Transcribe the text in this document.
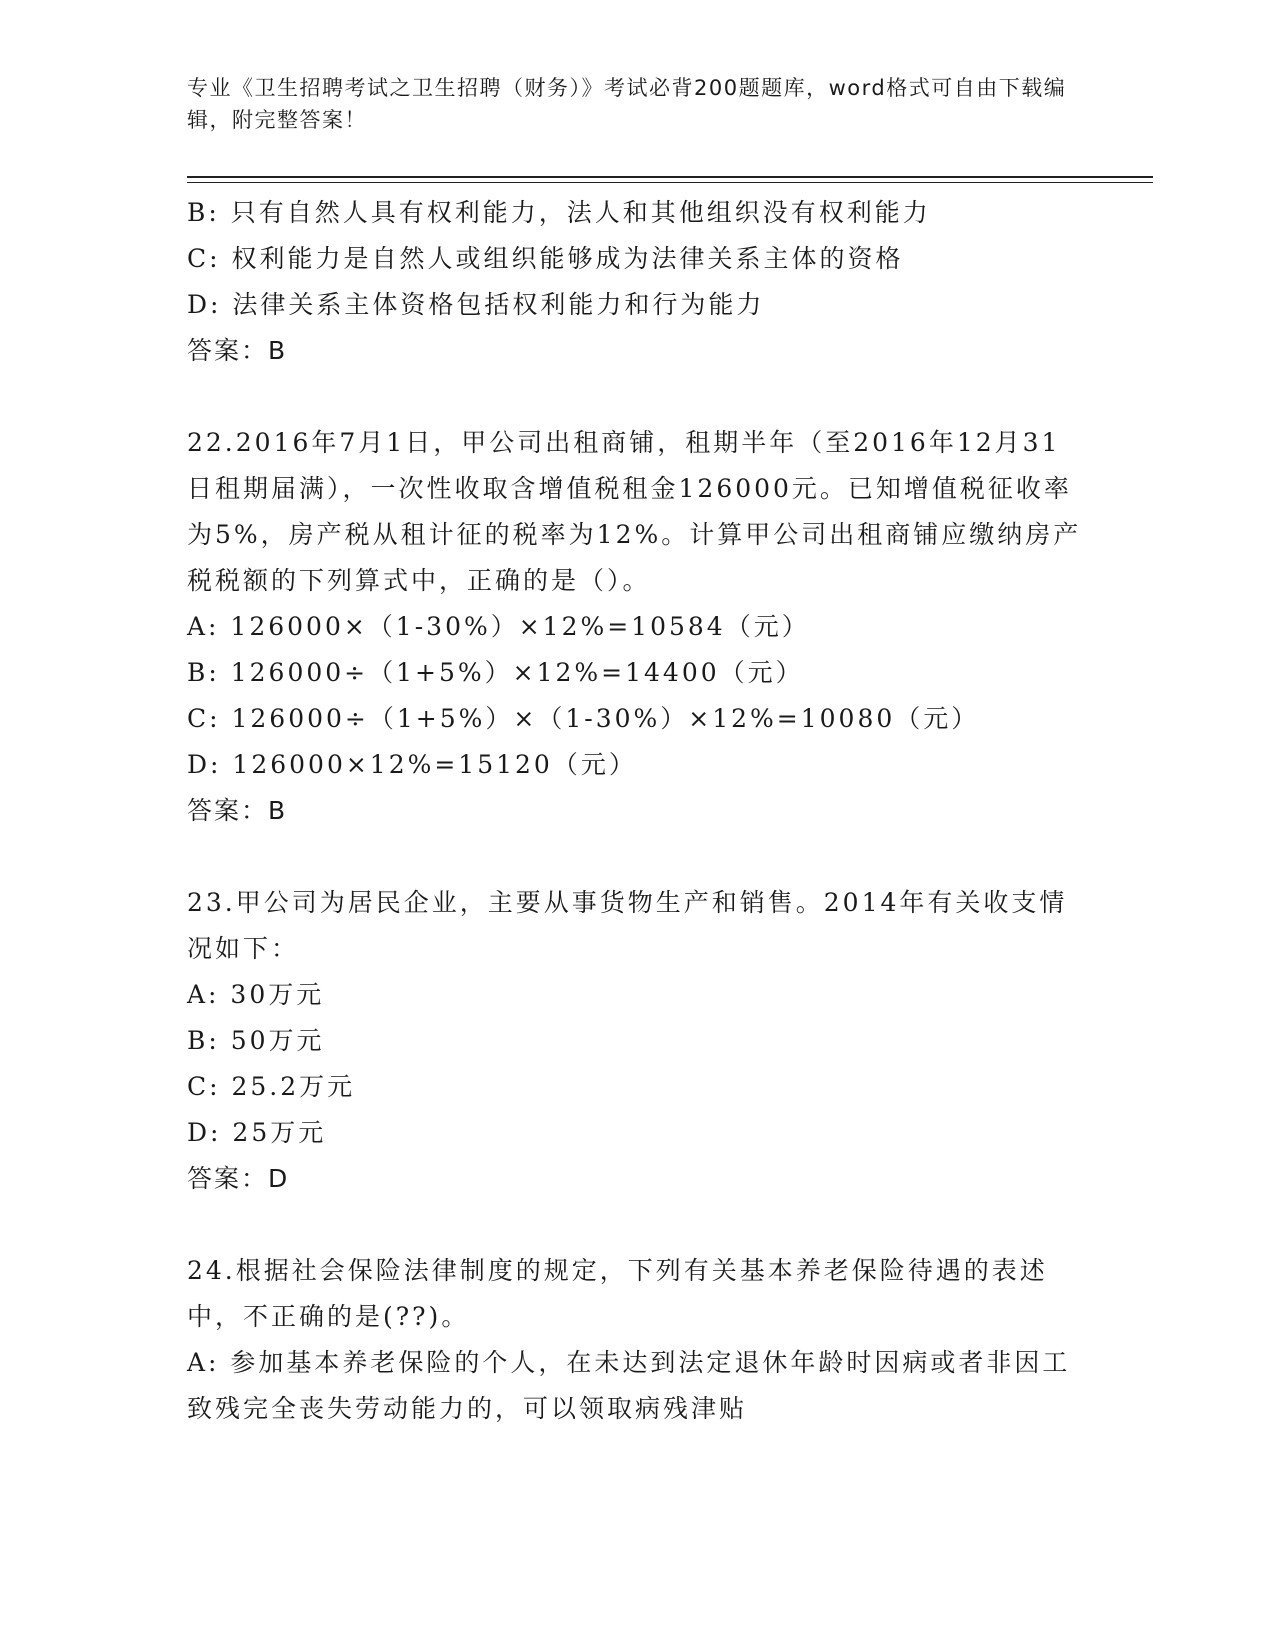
专业《卫生招聘考试之卫生招聘（财务）》考试必背200题题库，word格式可自由下载编辑，附完整答案！
B: 只有自然人具有权利能力，法人和其他组织没有权利能力
C: 权利能力是自然人或组织能够成为法律关系主体的资格
D: 法律关系主体资格包括权利能力和行为能力
答案：B
22.2016年7月1日，甲公司出租商铺，租期半年（至2016年12月31日租期届满），一次性收取含增值税租金126000元。已知增值税征收率为5%，房产税从租计征的税率为12%。计算甲公司出租商铺应缴纳房产税税额的下列算式中，正确的是（）。
A: 126000×（1-30%）×12%=10584（元）
B: 126000÷（1+5%）×12%=14400（元）
C: 126000÷（1+5%）×（1-30%）×12%=10080（元）
D: 126000×12%=15120（元）
答案：B
23.甲公司为居民企业，主要从事货物生产和销售。2014年有关收支情况如下：
A: 30万元
B: 50万元
C: 25.2万元
D: 25万元
答案：D
24.根据社会保险法律制度的规定，下列有关基本养老保险待遇的表述中，不正确的是(??)。
A: 参加基本养老保险的个人，在未达到法定退休年龄时因病或者非因工致残完全丧失劳动能力的，可以领取病残津贴
